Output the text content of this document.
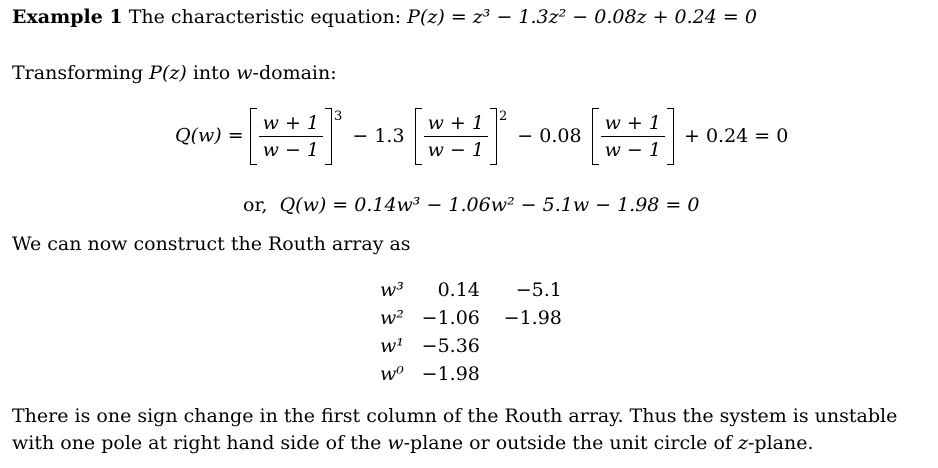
Example 1 The characteristic equation: P(z) = z³ − 1.3z² − 0.08z + 0.24 = 0
Transforming P(z) into w-domain:
$Q(w) = \frac{w + 1}{w - 1} ^3 - 1.3 \frac{w + 1}{w - 1} ^2 - 0.08 \frac{w + 1}{w - 1} + 0.24 = 0$
or, Q(w) = 0.14w³ − 1.06w² − 5.1w − 1.98 = 0
We can now construct the Routh array as
w³	0.14	−5.1
w²	−1.06	−1.98
w¹	−5.36	
w⁰	−1.98	
There is one sign change in the first column of the Routh array. Thus the system is unstable
with one pole at right hand side of the w-plane or outside the unit circle of z-plane.
